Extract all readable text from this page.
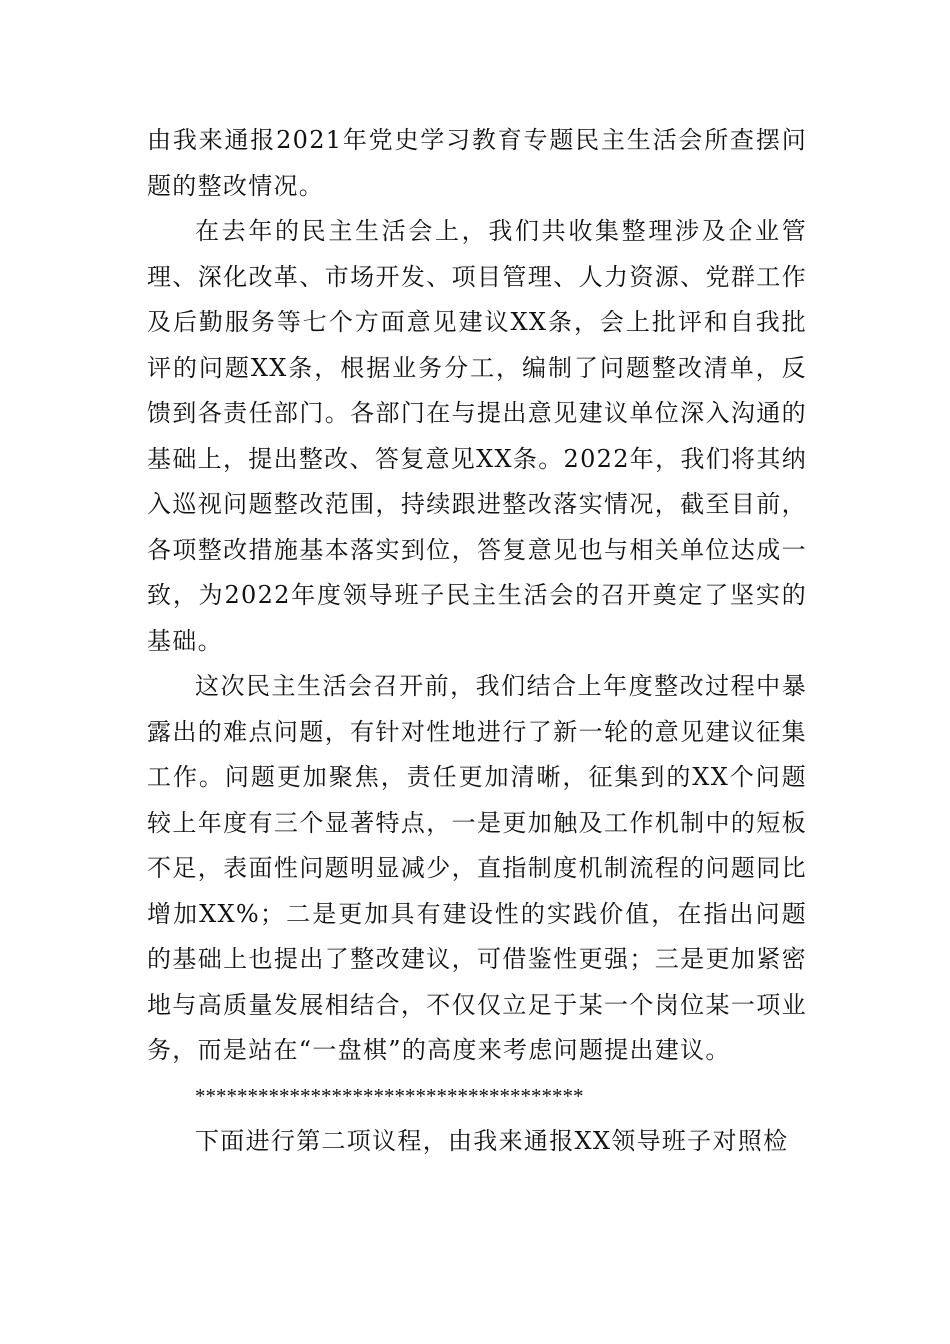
由我来通报2021年党史学习教育专题民主生活会所查摆问题的整改情况。

在去年的民主生活会上，我们共收集整理涉及企业管理、深化改革、市场开发、项目管理、人力资源、党群工作及后勤服务等七个方面意见建议XX条，会上批评和自我批评的问题XX条，根据业务分工，编制了问题整改清单，反馈到各责任部门。各部门在与提出意见建议单位深入沟通的基础上，提出整改、答复意见XX条。2022年，我们将其纳入巡视问题整改范围，持续跟进整改落实情况，截至目前，各项整改措施基本落实到位，答复意见也与相关单位达成一致，为2022年度领导班子民主生活会的召开奠定了坚实的基础。

这次民主生活会召开前，我们结合上年度整改过程中暴露出的难点问题，有针对性地进行了新一轮的意见建议征集工作。问题更加聚焦，责任更加清晰，征集到的XX个问题较上年度有三个显著特点，一是更加触及工作机制中的短板不足，表面性问题明显减少，直指制度机制流程的问题同比增加XX%；二是更加具有建设性的实践价值，在指出问题的基础上也提出了整改建议，可借鉴性更强；三是更加紧密地与高质量发展相结合，不仅仅立足于某一个岗位某一项业务，而是站在“一盘棋”的高度来考虑问题提出建议。

*************************************

下面进行第二项议程，由我来通报XX领导班子对照检
